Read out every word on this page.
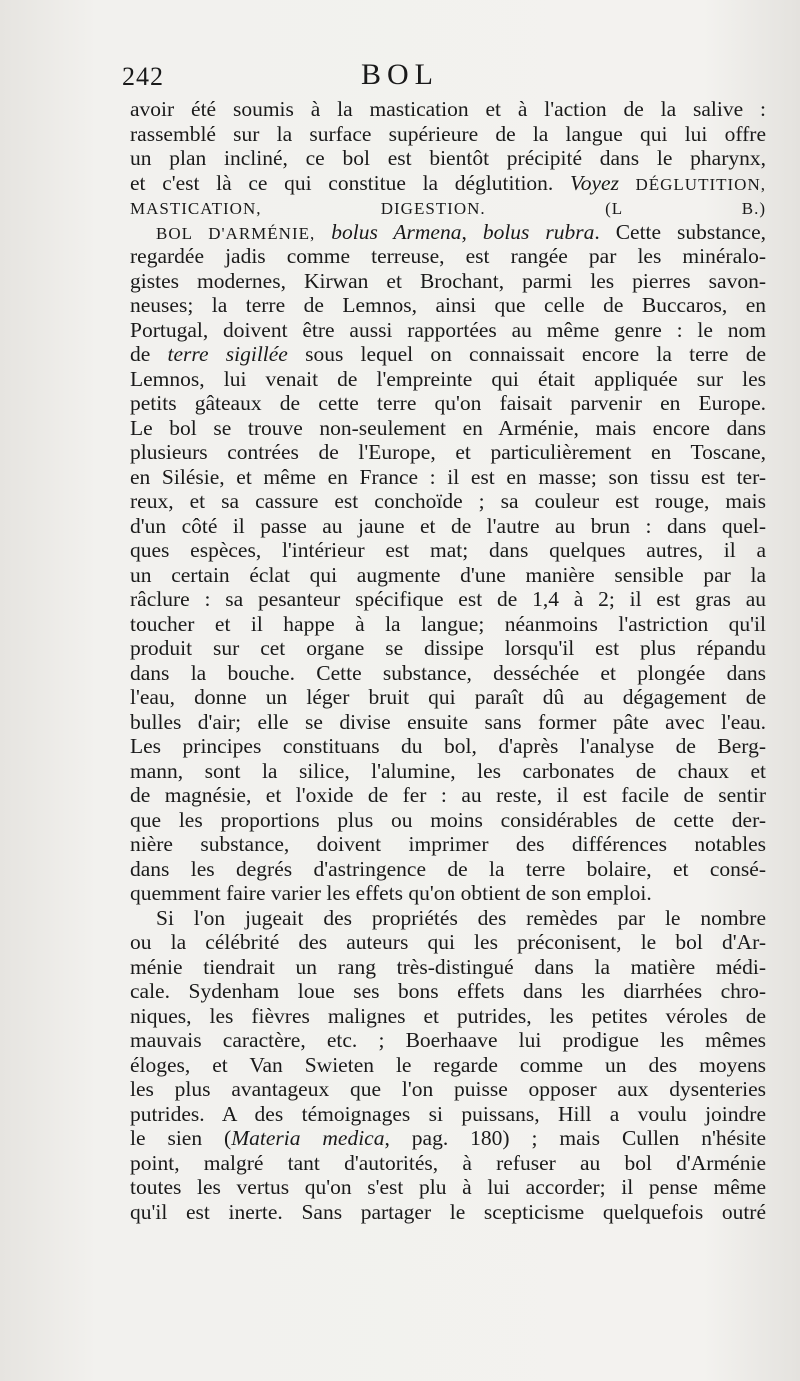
242	BOL
avoir été soumis à la mastication et à l'action de la salive :
rassemblé sur la surface supérieure de la langue qui lui offre
un plan incliné, ce bol est bientôt précipité dans le pharynx,
et c'est là ce qui constitue la déglutition. Voyez DÉGLUTITION,
MASTICATION, DIGESTION.	(L B.)
BOL D'ARMÉNIE, bolus Armena, bolus rubra. Cette substance,
regardée jadis comme terreuse, est rangée par les minéralo-
gistes modernes, Kirwan et Brochant, parmi les pierres savon-
neuses; la terre de Lemnos, ainsi que celle de Buccaros, en
Portugal, doivent être aussi rapportées au même genre : le nom
de terre sigillée sous lequel on connaissait encore la terre de
Lemnos, lui venait de l'empreinte qui était appliquée sur les
petits gâteaux de cette terre qu'on faisait parvenir en Europe.
Le bol se trouve non-seulement en Arménie, mais encore dans
plusieurs contrées de l'Europe, et particulièrement en Toscane,
en Silésie, et même en France : il est en masse; son tissu est ter-
reux, et sa cassure est conchoïde ; sa couleur est rouge, mais
d'un côté il passe au jaune et de l'autre au brun : dans quel-
ques espèces, l'intérieur est mat; dans quelques autres, il a
un certain éclat qui augmente d'une manière sensible par la
râclure : sa pesanteur spécifique est de 1,4 à 2; il est gras au
toucher et il happe à la langue; néanmoins l'astriction qu'il
produit sur cet organe se dissipe lorsqu'il est plus répandu
dans la bouche. Cette substance, desséchée et plongée dans
l'eau, donne un léger bruit qui paraît dû au dégagement de
bulles d'air; elle se divise ensuite sans former pâte avec l'eau.
Les principes constituans du bol, d'après l'analyse de Berg-
mann, sont la silice, l'alumine, les carbonates de chaux et
de magnésie, et l'oxide de fer : au reste, il est facile de sentir
que les proportions plus ou moins considérables de cette der-
nière substance, doivent imprimer des différences notables
dans les degrés d'astringence de la terre bolaire, et consé-
quemment faire varier les effets qu'on obtient de son emploi.
Si l'on jugeait des propriétés des remèdes par le nombre
ou la célébrité des auteurs qui les préconisent, le bol d'Ar-
ménie tiendrait un rang très-distingué dans la matière médi-
cale. Sydenham loue ses bons effets dans les diarrhées chro-
niques, les fièvres malignes et putrides, les petites véroles de
mauvais caractère, etc. ; Boerhaave lui prodigue les mêmes
éloges, et Van Swieten le regarde comme un des moyens
les plus avantageux que l'on puisse opposer aux dysenteries
putrides. A des témoignages si puissans, Hill a voulu joindre
le sien (Materia medica, pag. 180) ; mais Cullen n'hésite
point, malgré tant d'autorités, à refuser au bol d'Arménie
toutes les vertus qu'on s'est plu à lui accorder; il pense même
qu'il est inerte. Sans partager le scepticisme quelquefois outré
